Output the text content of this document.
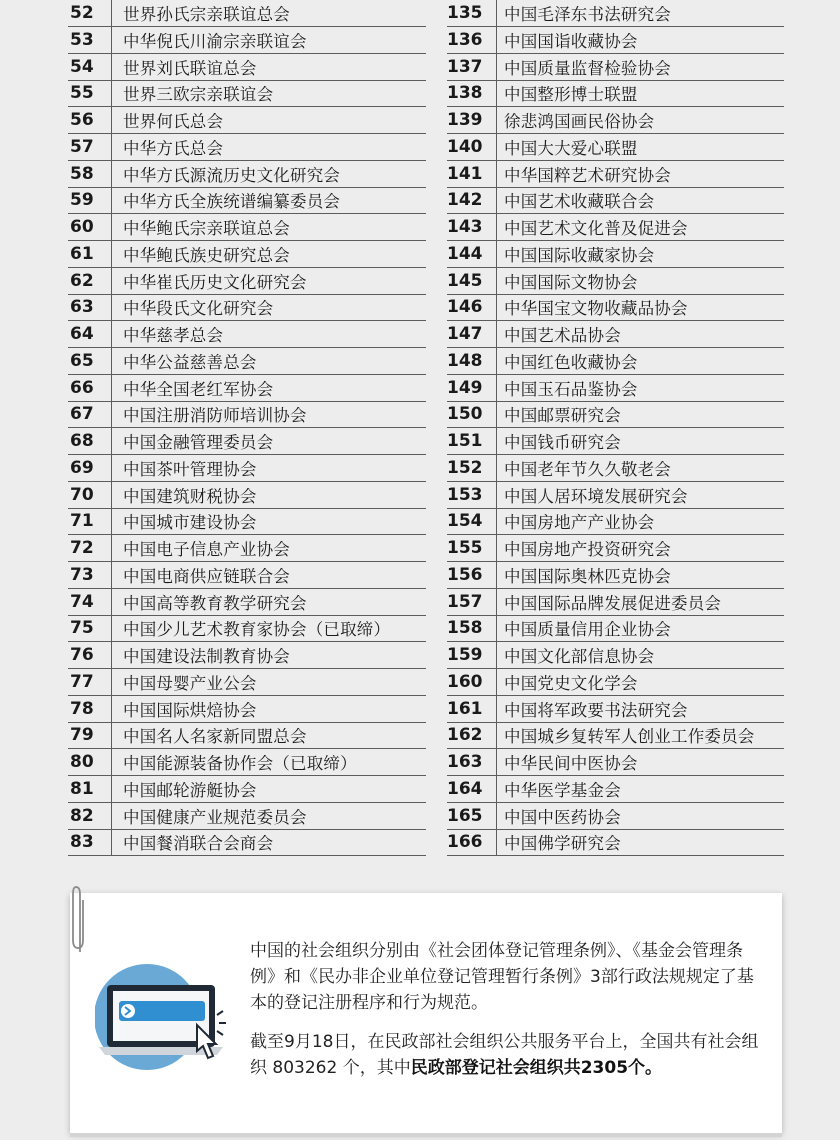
52	世界孙氏宗亲联谊总会
53	中华倪氏川渝宗亲联谊会
54	世界刘氏联谊总会
55	世界三欧宗亲联谊会
56	世界何氏总会
57	中华方氏总会
58	中华方氏源流历史文化研究会
59	中华方氏全族统谱编纂委员会
60	中华鲍氏宗亲联谊总会
61	中华鲍氏族史研究总会
62	中华崔氏历史文化研究会
63	中华段氏文化研究会
64	中华慈孝总会
65	中华公益慈善总会
66	中华全国老红军协会
67	中国注册消防师培训协会
68	中国金融管理委员会
69	中国茶叶管理协会
70	中国建筑财税协会
71	中国城市建设协会
72	中国电子信息产业协会
73	中国电商供应链联合会
74	中国高等教育教学研究会
75	中国少儿艺术教育家协会（已取缔）
76	中国建设法制教育协会
77	中国母婴产业公会
78	中国国际烘焙协会
79	中国名人名家新同盟总会
80	中国能源装备协作会（已取缔）
81	中国邮轮游艇协会
82	中国健康产业规范委员会
83	中国餐消联合会商会
135	中国毛泽东书法研究会
136	中国国诣收藏协会
137	中国质量监督检验协会
138	中国整形博士联盟
139	徐悲鸿国画民俗协会
140	中国大大爱心联盟
141	中华国粹艺术研究协会
142	中国艺术收藏联合会
143	中国艺术文化普及促进会
144	中国国际收藏家协会
145	中国国际文物协会
146	中华国宝文物收藏品协会
147	中国艺术品协会
148	中国红色收藏协会
149	中国玉石品鉴协会
150	中国邮票研究会
151	中国钱币研究会
152	中国老年节久久敬老会
153	中国人居环境发展研究会
154	中国房地产产业协会
155	中国房地产投资研究会
156	中国国际奥林匹克协会
157	中国国际品牌发展促进委员会
158	中国质量信用企业协会
159	中国文化部信息协会
160	中国党史文化学会
161	中国将军政要书法研究会
162	中国城乡复转军人创业工作委员会
163	中华民间中医协会
164	中华医学基金会
165	中国中医药协会
166	中国佛学研究会
中国的社会组织分别由《社会团体登记管理条例》、《基金会管理条例》和《民办非企业单位登记管理暂行条例》3部行政法规规定了基本的登记注册程序和行为规范。
截至9月18日，在民政部社会组织公共服务平台上，全国共有社会组织 803262 个，其中民政部登记社会组织共2305个。
